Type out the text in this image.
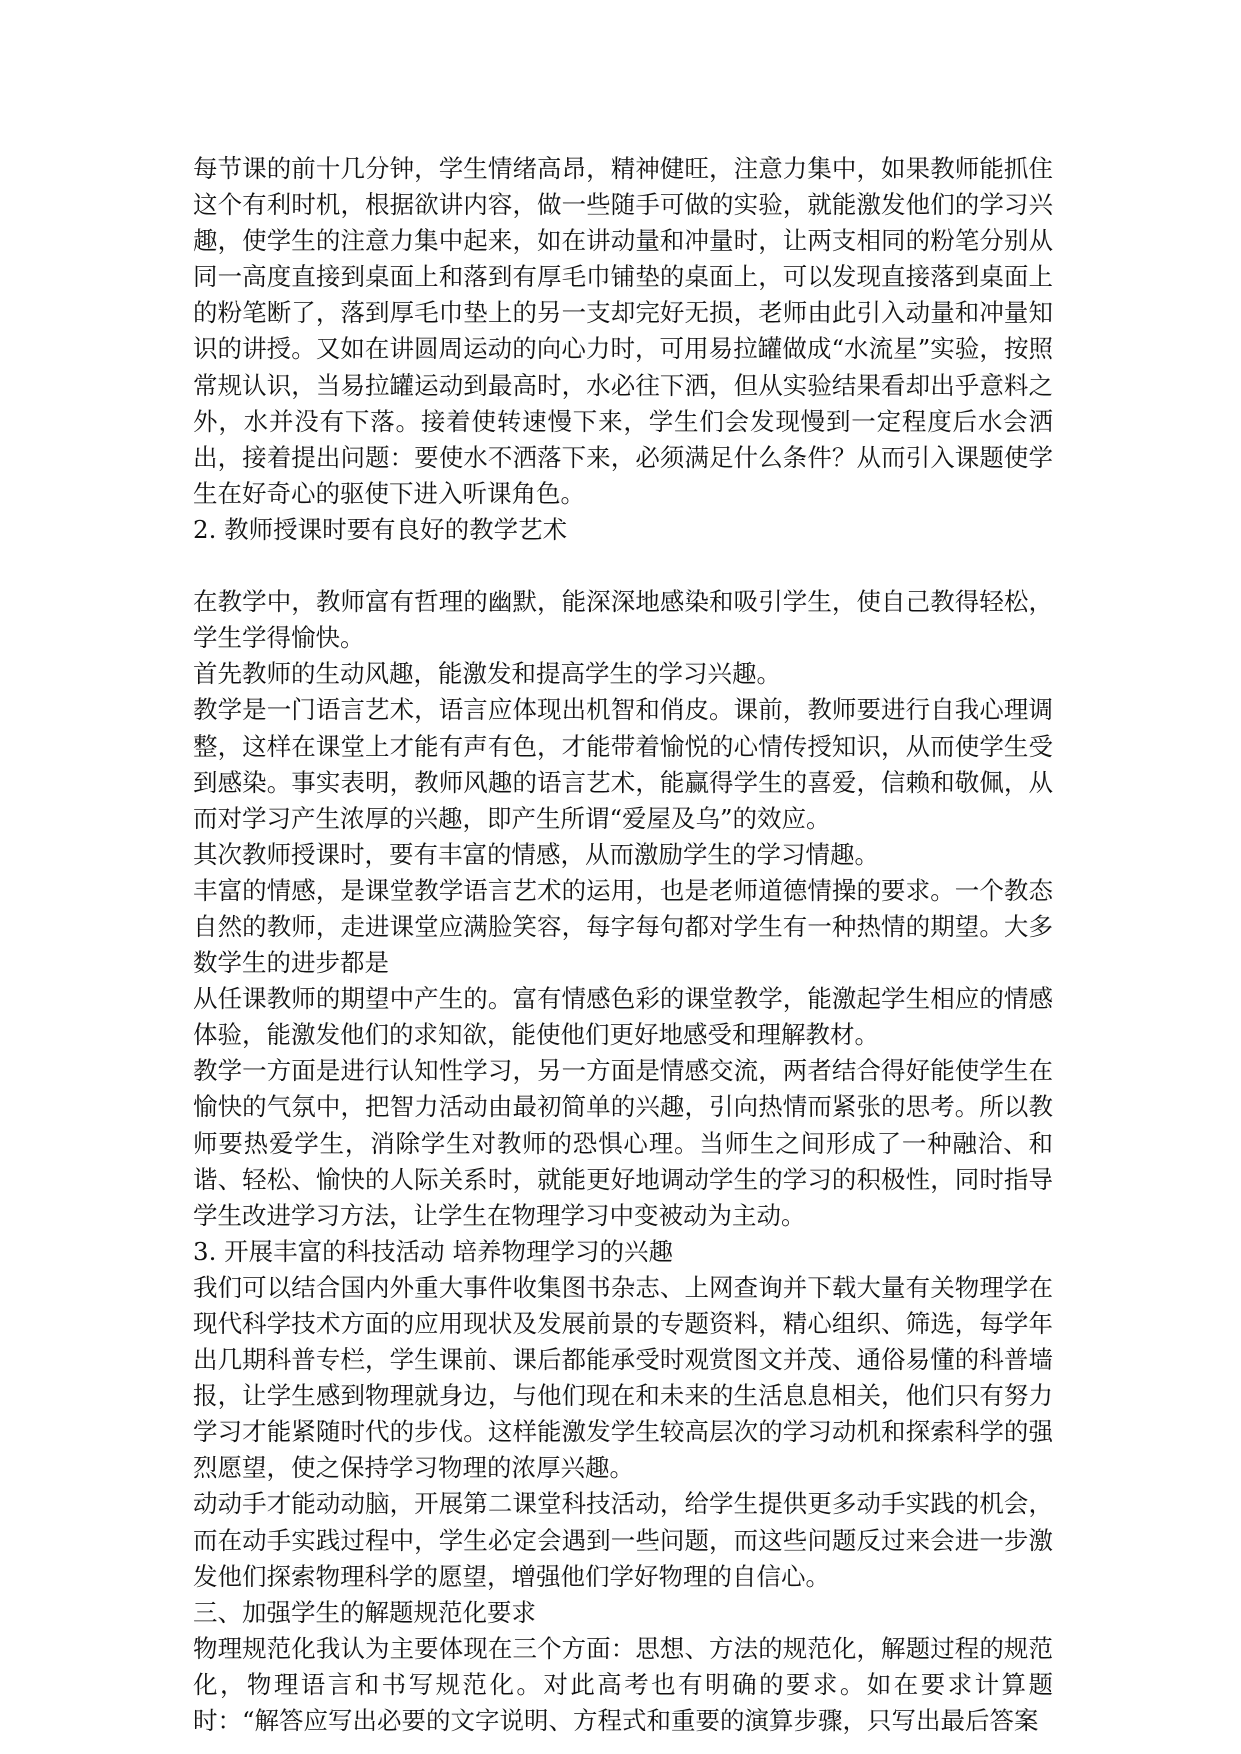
每节课的前十几分钟，学生情绪高昂，精神健旺，注意力集中，如果教师能抓住这个有利时机，根据欲讲内容，做一些随手可做的实验，就能激发他们的学习兴趣，使学生的注意力集中起来，如在讲动量和冲量时，让两支相同的粉笔分别从同一高度直接到桌面上和落到有厚毛巾铺垫的桌面上，可以发现直接落到桌面上的粉笔断了，落到厚毛巾垫上的另一支却完好无损，老师由此引入动量和冲量知识的讲授。又如在讲圆周运动的向心力时，可用易拉罐做成“水流星”实验，按照常规认识，当易拉罐运动到最高时，水必往下洒，但从实验结果看却出乎意料之外，水并没有下落。接着使转速慢下来，学生们会发现慢到一定程度后水会洒出，接着提出问题：要使水不洒落下来，必须满足什么条件？从而引入课题使学生在好奇心的驱使下进入听课角色。

2. 教师授课时要有良好的教学艺术

在教学中，教师富有哲理的幽默，能深深地感染和吸引学生，使自己教得轻松，学生学得愉快。

首先教师的生动风趣，能激发和提高学生的学习兴趣。

教学是一门语言艺术，语言应体现出机智和俏皮。课前，教师要进行自我心理调整，这样在课堂上才能有声有色，才能带着愉悦的心情传授知识，从而使学生受到感染。事实表明，教师风趣的语言艺术，能赢得学生的喜爱，信赖和敬佩，从而对学习产生浓厚的兴趣，即产生所谓“爱屋及乌”的效应。

其次教师授课时，要有丰富的情感，从而激励学生的学习情趣。

丰富的情感，是课堂教学语言艺术的运用，也是老师道德情操的要求。一个教态自然的教师，走进课堂应满脸笑容，每字每句都对学生有一种热情的期望。大多数学生的进步都是

从任课教师的期望中产生的。富有情感色彩的课堂教学，能激起学生相应的情感体验，能激发他们的求知欲，能使他们更好地感受和理解教材。

教学一方面是进行认知性学习，另一方面是情感交流，两者结合得好能使学生在愉快的气氛中，把智力活动由最初简单的兴趣，引向热情而紧张的思考。所以教师要热爱学生，消除学生对教师的恐惧心理。当师生之间形成了一种融洽、和谐、轻松、愉快的人际关系时，就能更好地调动学生的学习的积极性，同时指导学生改进学习方法，让学生在物理学习中变被动为主动。

3. 开展丰富的科技活动 培养物理学习的兴趣

我们可以结合国内外重大事件收集图书杂志、上网查询并下载大量有关物理学在现代科学技术方面的应用现状及发展前景的专题资料，精心组织、筛选，每学年出几期科普专栏，学生课前、课后都能承受时观赏图文并茂、通俗易懂的科普墙报，让学生感到物理就身边，与他们现在和未来的生活息息相关，他们只有努力学习才能紧随时代的步伐。这样能激发学生较高层次的学习动机和探索科学的强烈愿望，使之保持学习物理的浓厚兴趣。

动动手才能动动脑，开展第二课堂科技活动，给学生提供更多动手实践的机会，而在动手实践过程中，学生必定会遇到一些问题，而这些问题反过来会进一步激发他们探索物理科学的愿望，增强他们学好物理的自信心。

三、加强学生的解题规范化要求

物理规范化我认为主要体现在三个方面：思想、方法的规范化，解题过程的规范化，物理语言和书写规范化。对此高考也有明确的要求。如在要求计算题时：“解答应写出必要的文字说明、方程式和重要的演算步骤，只写出最后答案
